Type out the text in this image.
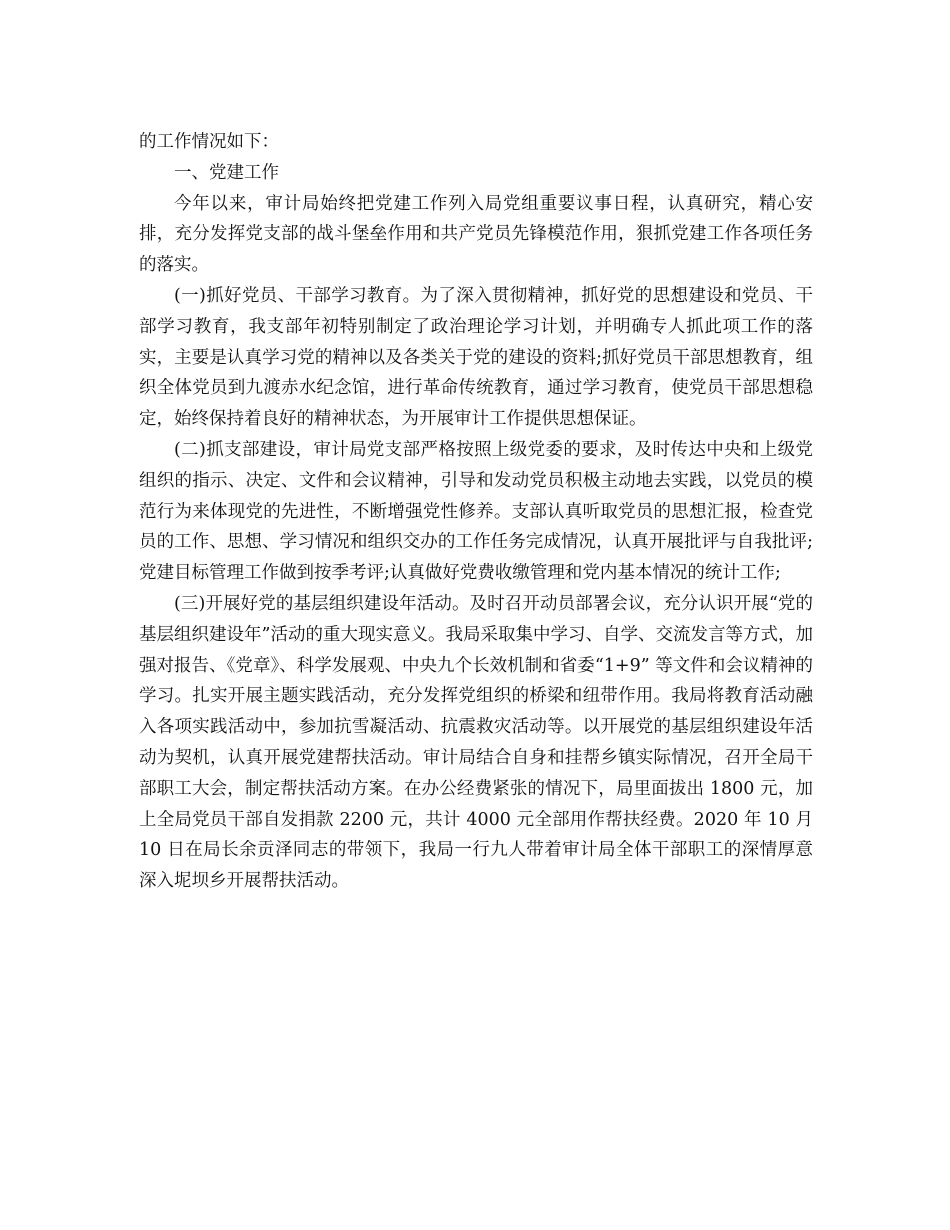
的工作情况如下：

一、党建工作

今年以来，审计局始终把党建工作列入局党组重要议事日程，认真研究，精心安排，充分发挥党支部的战斗堡垒作用和共产党员先锋模范作用，狠抓党建工作各项任务的落实。

(一)抓好党员、干部学习教育。为了深入贯彻精神，抓好党的思想建设和党员、干部学习教育，我支部年初特别制定了政治理论学习计划，并明确专人抓此项工作的落实，主要是认真学习党的精神以及各类关于党的建设的资料;抓好党员干部思想教育，组织全体党员到九渡赤水纪念馆，进行革命传统教育，通过学习教育，使党员干部思想稳定，始终保持着良好的精神状态，为开展审计工作提供思想保证。

(二)抓支部建设，审计局党支部严格按照上级党委的要求，及时传达中央和上级党组织的指示、决定、文件和会议精神，引导和发动党员积极主动地去实践，以党员的模范行为来体现党的先进性，不断增强党性修养。支部认真听取党员的思想汇报，检查党员的工作、思想、学习情况和组织交办的工作任务完成情况，认真开展批评与自我批评;党建目标管理工作做到按季考评;认真做好党费收缴管理和党内基本情况的统计工作;

(三)开展好党的基层组织建设年活动。及时召开动员部署会议，充分认识开展“党的基层组织建设年”活动的重大现实意义。我局采取集中学习、自学、交流发言等方式，加强对报告、《党章》、科学发展观、中央九个长效机制和省委“1+9” 等文件和会议精神的学习。扎实开展主题实践活动，充分发挥党组织的桥梁和纽带作用。我局将教育活动融入各项实践活动中，参加抗雪凝活动、抗震救灾活动等。以开展党的基层组织建设年活动为契机，认真开展党建帮扶活动。审计局结合自身和挂帮乡镇实际情况，召开全局干部职工大会，制定帮扶活动方案。在办公经费紧张的情况下，局里面拔出 1800 元，加上全局党员干部自发捐款 2200 元，共计 4000 元全部用作帮扶经费。2020 年 10 月 10 日在局长余贡泽同志的带领下，我局一行九人带着审计局全体干部职工的深情厚意深入坭坝乡开展帮扶活动。
